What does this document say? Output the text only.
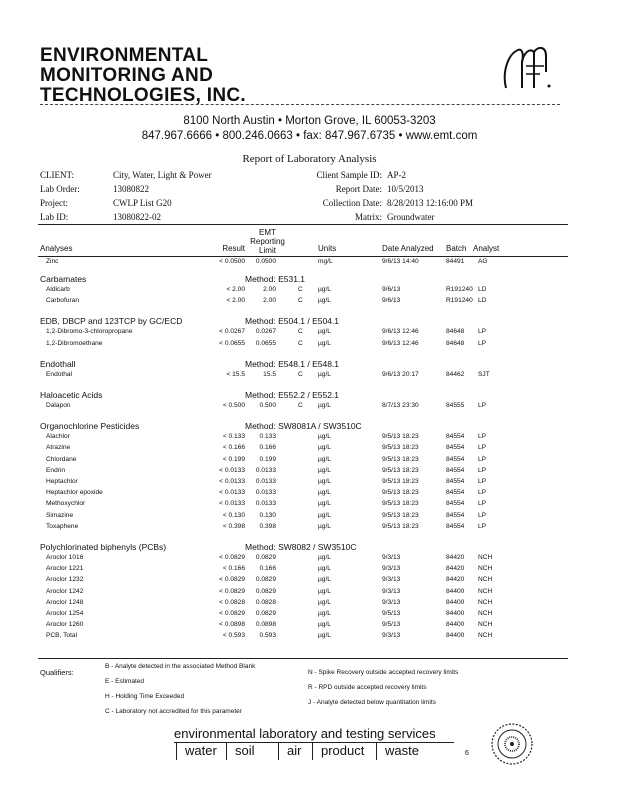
ENVIRONMENTAL
MONITORING AND
TECHNOLOGIES, INC.
8100 North Austin • Morton Grove, IL 60053-3203
847.967.6666 • 800.246.0663 • fax: 847.967.6735 • www.emt.com
Report of Laboratory Analysis
CLIENT:	City, Water, Light & Power
Lab Order:	13080822
Project:	CWLP List G20
Lab ID:	13080822-02
Client Sample ID: AP-2
Report Date: 10/5/2013
Collection Date: 8/28/2013 12:16:00 PM
Matrix: Groundwater
Analyses	Result
EMT
Reporting
Limit	Units	Date Analyzed Batch Analyst
Zinc	< 0.0500	0.0500	mg/L	9/6/13 14:40	84491 AG
Carbamates	Method: E531.1
Aldicarb	< 2.00	2.00	C µg/L	9/6/13	R191240 LD
Carbofuran	< 2.00	2.00	C µg/L	9/6/13	R191240 LD
EDB, DBCP and 123TCP by GC/ECD	Method: E504.1 / E504.1
1,2-Dibromo-3-chloropropane	< 0.0267	0.0267	C µg/L	9/6/13 12:46	84648 LP
1,2-Dibromoethane	< 0.0655	0.0655	C µg/L	9/6/13 12:46	84648 LP
Endothall	Method: E548.1 / E548.1
Endothal	< 15.5	15.5	C µg/L	9/6/13 20:17	84462 SJT
Haloacetic Acids	Method: E552.2 / E552.1
Dalapon	< 0.500	0.500	C µg/L	8/7/13 23:30	84555 LP
Organochlorine Pesticides	Method: SW8081A / SW3510C
Alachlor	< 0.133	0.133	µg/L	9/5/13 18:23	84554 LP
Atrazine	< 0.166	0.166	µg/L	9/5/13 18:23	84554 LP
Chlordane	< 0.199	0.199	µg/L	9/5/13 18:23	84554 LP
Endrin	< 0.0133	0.0133	µg/L	9/5/13 18:23	84554 LP
Heptachlor	< 0.0133	0.0133	µg/L	9/5/13 18:23	84554 LP
Heptachlor epoxide	< 0.0133	0.0133	µg/L	9/5/13 18:23	84554 LP
Methoxychlor	< 0.0133	0.0133	µg/L	9/5/13 18:23	84554 LP
Simazine	< 0.130	0.130	µg/L	9/5/13 18:23	84554 LP
Toxaphene	< 0.398	0.398	µg/L	9/5/13 18:23	84554 LP
Polychlorinated biphenyls (PCBs)	Method: SW8082 / SW3510C
Aroclor 1016	< 0.0829	0.0829	µg/L	9/3/13	84420 NCH
Aroclor 1221	< 0.166	0.166	µg/L	9/3/13	84420 NCH
Aroclor 1232	< 0.0829	0.0829	µg/L	9/3/13	84420 NCH
Aroclor 1242	< 0.0829	0.0829	µg/L	9/3/13	84400 NCH
Aroclor 1248	< 0.0828	0.0828	µg/L	9/3/13	84400 NCH
Aroclor 1254	< 0.0829	0.0829	µg/L	9/5/13	84400 NCH
Aroclor 1260	< 0.0898	0.0898	µg/L	9/5/13	84400 NCH
PCB, Total	< 0.593	0.593	µg/L	9/3/13	84400 NCH
Qualifiers:
B - Analyte detected in the associated Method Blank
E - Estimated
H - Holding Time Exceeded
C - Laboratory not accredited for this parameter
N - Spike Recovery outside accepted recovery limits
R - RPD outside accepted recovery limits
J - Analyte detected below quantitation limits
environmental laboratory and testing services
water	soil	air	product	waste	6
